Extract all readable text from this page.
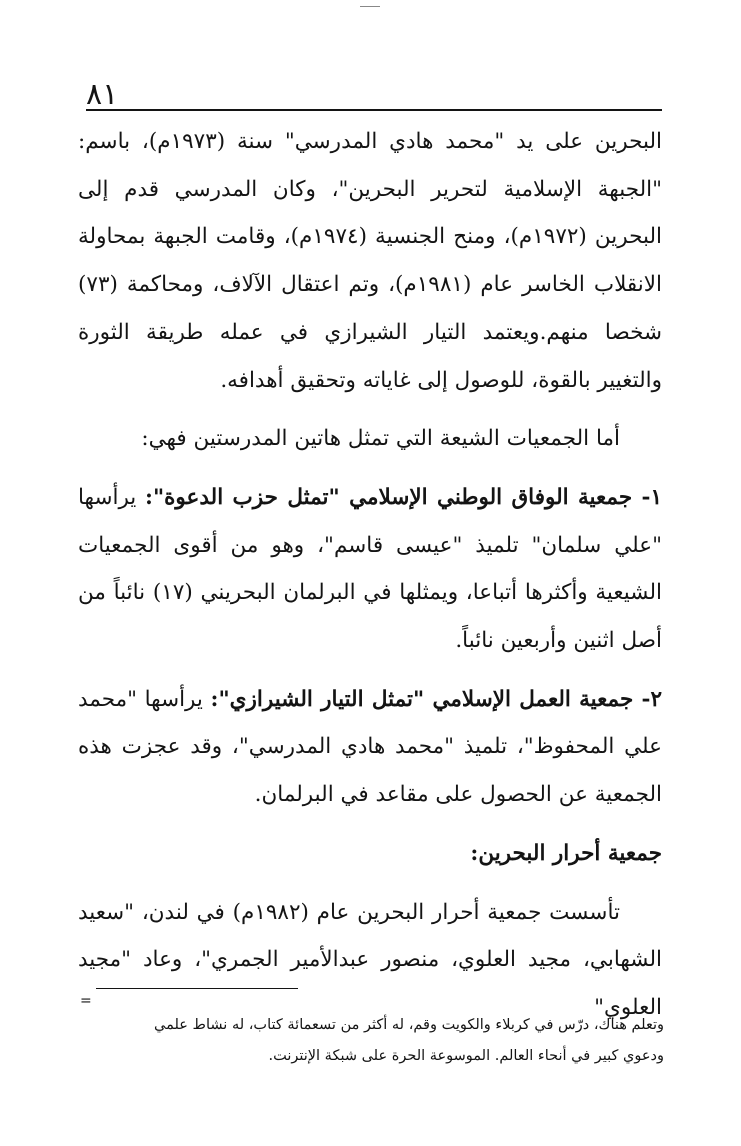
٨١

البحرين على يد "محمد هادي المدرسي" سنة (١٩٧٣م)، باسم: "الجبهة الإسلامية لتحرير البحرين"، وكان المدرسي قدم إلى البحرين (١٩٧٢م)، ومنح الجنسية (١٩٧٤م)، وقامت الجبهة بمحاولة الانقلاب الخاسر عام (١٩٨١م)، وتم اعتقال الآلاف، ومحاكمة (٧٣) شخصا منهم.ويعتمد التيار الشيرازي في عمله طريقة الثورة والتغيير بالقوة، للوصول إلى غاياته وتحقيق أهدافه.

أما الجمعيات الشيعة التي تمثل هاتين المدرستين فهي:

١- جمعية الوفاق الوطني الإسلامي "تمثل حزب الدعوة": يرأسها "علي سلمان" تلميذ "عيسى قاسم"، وهو من أقوى الجمعيات الشيعية وأكثرها أتباعا، ويمثلها في البرلمان البحريني (١٧) نائباً من أصل اثنين وأربعين نائباً.

٢- جمعية العمل الإسلامي "تمثل التيار الشيرازي": يرأسها "محمد علي المحفوظ"، تلميذ "محمد هادي المدرسي"، وقد عجزت هذه الجمعية عن الحصول على مقاعد في البرلمان.

جمعية أحرار البحرين:

تأسست جمعية أحرار البحرين عام (١٩٨٢م) في لندن، "سعيد الشهابي، مجيد العلوي، منصور عبدالأمير الجمري"، وعاد "مجيد العلوي"

=

وتعلم هناك، درّس في كربلاء والكويت وقم، له أكثر من تسعمائة كتاب، له نشاط علمي

ودعوي كبير في أنحاء العالم. الموسوعة الحرة على شبكة الإنترنت.
